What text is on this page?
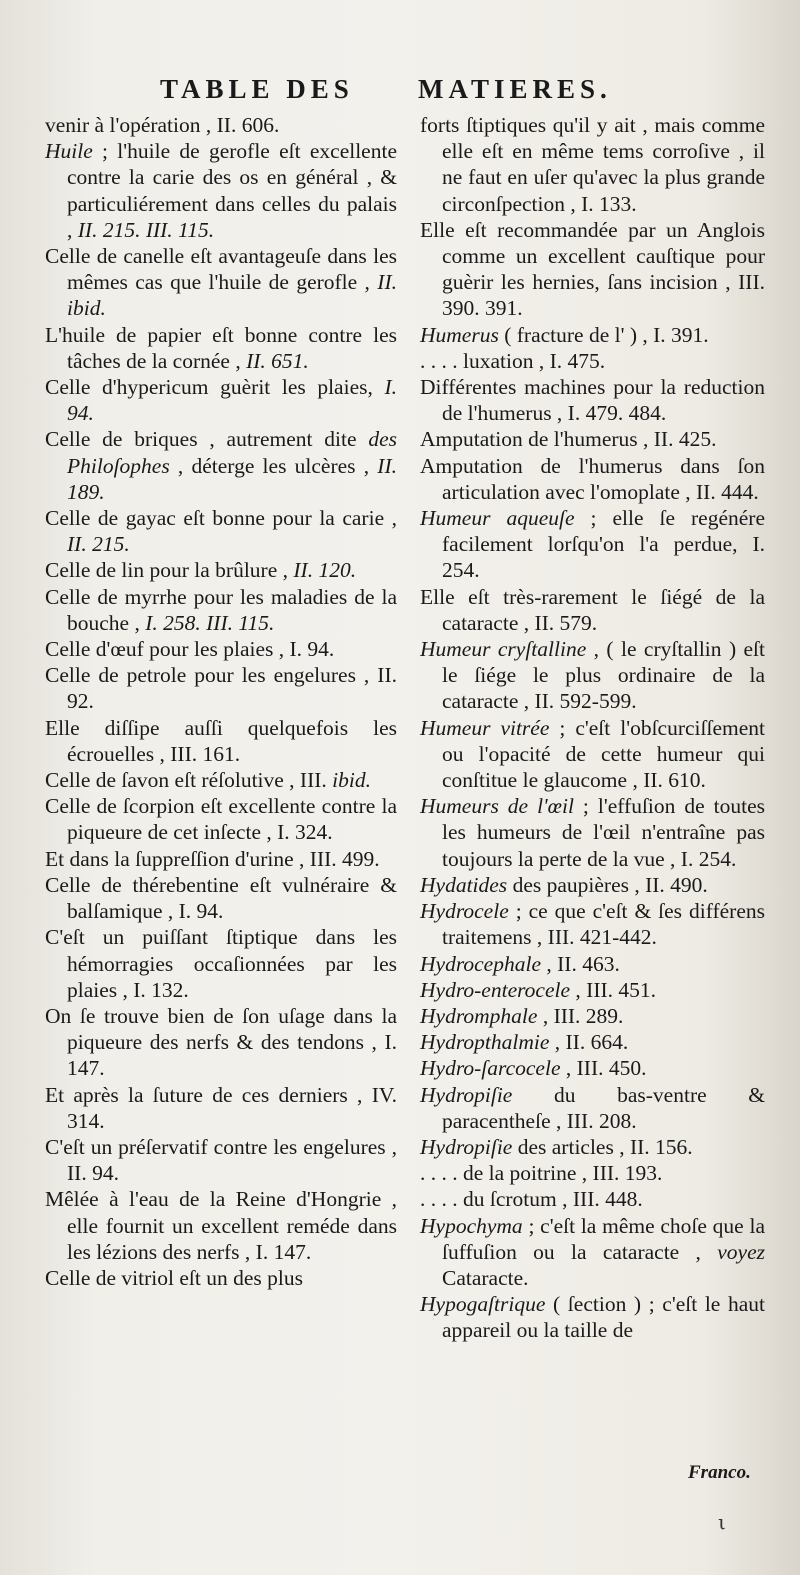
TABLE DES MATIERES.

venir à l'opération , II. 606.

Huile ; l'huile de gerofle eſt excellente contre la carie des os en général , & particuliérement dans celles du palais , II. 215. III. 115.

Celle de canelle eſt avantageuſe dans les mêmes cas que l'huile de gerofle , II. ibid.

L'huile de papier eſt bonne contre les tâches de la cornée , II. 651.

Celle d'hypericum guèrit les plaies, I. 94.

Celle de briques , autrement dite des Philoſophes , déterge les ulcères , II. 189.

Celle de gayac eſt bonne pour la carie , II. 215.

Celle de lin pour la brûlure , II. 120.

Celle de myrrhe pour les maladies de la bouche , I. 258. III. 115.

Celle d'œuf pour les plaies , I. 94.

Celle de petrole pour les engelures , II. 92.

Elle diſſipe auſſi quelquefois les écrouelles , III. 161.

Celle de ſavon eſt réſolutive , III. ibid.

Celle de ſcorpion eſt excellente contre la piqueure de cet inſecte , I. 324.

Et dans la ſuppreſſion d'urine , III. 499.

Celle de thérebentine eſt vulnéraire & balſamique , I. 94.

C'eſt un puiſſant ſtiptique dans les hémorragies occaſionnées par les plaies , I. 132.

On ſe trouve bien de ſon uſage dans la piqueure des nerfs & des tendons , I. 147.

Et après la ſuture de ces derniers , IV. 314.

C'eſt un préſervatif contre les engelures , II. 94.

Mêlée à l'eau de la Reine d'Hongrie , elle fournit un excellent reméde dans les lézions des nerfs , I. 147.

Celle de vitriol eſt un des plus

forts ſtiptiques qu'il y ait , mais comme elle eſt en même tems corroſive , il ne faut en uſer qu'avec la plus grande circonſpection , I. 133.

Elle eſt recommandée par un Anglois comme un excellent cauſtique pour guèrir les hernies, ſans incision , III. 390. 391.

Humerus ( fracture de l' ) , I. 391.

. . . . luxation , I. 475.

Différentes machines pour la reduction de l'humerus , I. 479. 484.

Amputation de l'humerus , II. 425.

Amputation de l'humerus dans ſon articulation avec l'omoplate , II. 444.

Humeur aqueuſe ; elle ſe regénére facilement lorſqu'on l'a perdue, I. 254.

Elle eſt très-rarement le ſiégé de la cataracte , II. 579.

Humeur cryſtalline , ( le cryſtallin ) eſt le ſiége le plus ordinaire de la cataracte , II. 592-599.

Humeur vitrée ; c'eſt l'obſcurciſſement ou l'opacité de cette humeur qui conſtitue le glaucome , II. 610.

Humeurs de l'œil ; l'effuſion de toutes les humeurs de l'œil n'entraîne pas toujours la perte de la vue , I. 254.

Hydatides des paupières , II. 490.

Hydrocele ; ce que c'eſt & ſes différens traitemens , III. 421-442.

Hydrocephale , II. 463.

Hydro-enterocele , III. 451.

Hydromphale , III. 289.

Hydropthalmie , II. 664.

Hydro-ſarcocele , III. 450.

Hydropiſie du bas-ventre & paracentheſe , III. 208.

Hydropiſie des articles , II. 156.

. . . . de la poitrine , III. 193.

. . . . du ſcrotum , III. 448.

Hypochyma ; c'eſt la même choſe que la ſuffuſion ou la cataracte , voyez Cataracte.

Hypogaſtrique ( ſection ) ; c'eſt le haut appareil ou la taille de

Franco.
ι
